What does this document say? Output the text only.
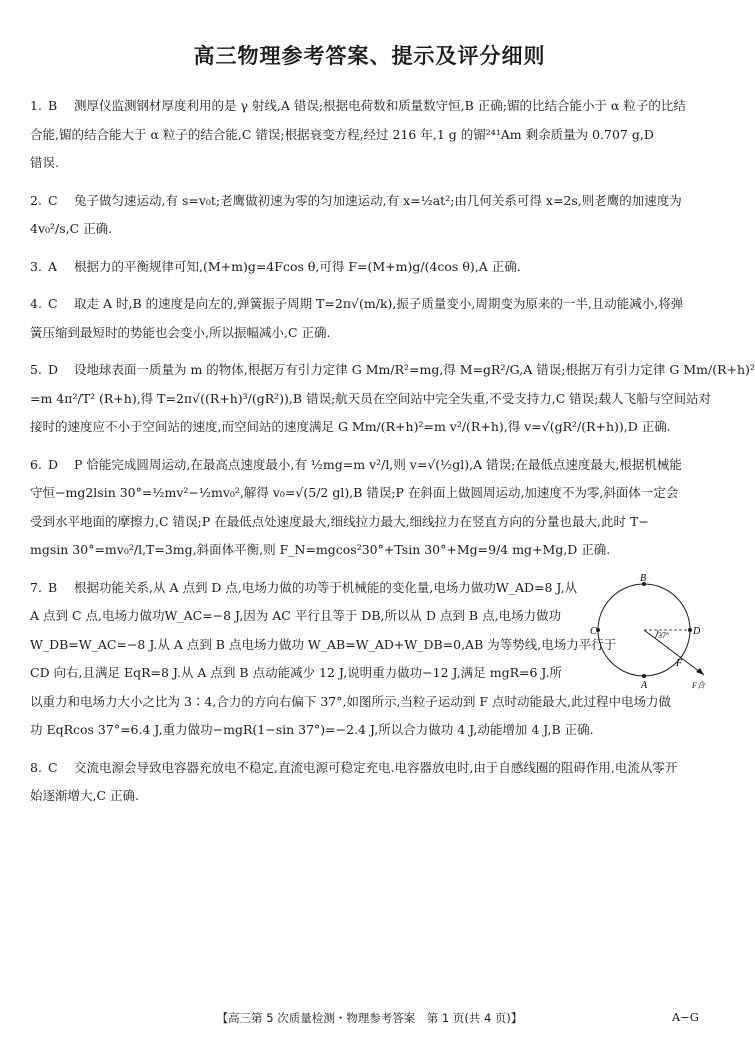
高三物理参考答案、提示及评分细则
1. B	测厚仪监测钢材厚度利用的是 γ 射线,A 错误;根据电荷数和质量数守恒,B 正确;镅的比结合能小于 α 粒子的比结
合能,镅的结合能大于 α 粒子的结合能,C 错误;根据衰变方程,经过 216 年,1 g 的镅²⁴¹Am 剩余质量为 0.707 g,D
错误.
2. C	兔子做匀速运动,有 s=v₀t;老鹰做初速为零的匀加速运动,有 x=½at²;由几何关系可得 x=2s,则老鹰的加速度为
4v₀²/s,C 正确.
3. A	根据力的平衡规律可知,(M+m)g=4Fcos θ,可得 F=(M+m)g/(4cos θ),A 正确.
4. C	取走 A 时,B 的速度是向左的,弹簧振子周期 T=2π√(m/k),振子质量变小,周期变为原来的一半,且动能减小,将弹
簧压缩到最短时的势能也会变小,所以振幅减小,C 正确.
5. D	设地球表面一质量为 m 的物体,根据万有引力定律 G Mm/R²=mg,得 M=gR²/G,A 错误;根据万有引力定律 G Mm/(R+h)²
=m 4π²/T² (R+h),得 T=2π√((R+h)³/(gR²)),B 错误;航天员在空间站中完全失重,不受支持力,C 错误;载人飞船与空间站对
接时的速度应不小于空间站的速度,而空间站的速度满足 G Mm/(R+h)²=m v²/(R+h),得 v=√(gR²/(R+h)),D 正确.
6. D	P 恰能完成圆周运动,在最高点速度最小,有 ½mg=m v²/l,则 v=√(½gl),A 错误;在最低点速度最大,根据机械能
守恒−mg2lsin 30°=½mv²−½mv₀²,解得 v₀=√(5/2 gl),B 错误;P 在斜面上做圆周运动,加速度不为零,斜面体一定会
受到水平地面的摩擦力,C 错误;P 在最低点处速度最大,细线拉力最大,细线拉力在竖直方向的分量也最大,此时 T−
mgsin 30°=mv₀²/l,T=3mg,斜面体平衡,则 F_N=mgcos²30°+Tsin 30°+Mg=9/4 mg+Mg,D 正确.
7. B	根据功能关系,从 A 点到 D 点,电场力做的功等于机械能的变化量,电场力做功W_AD=8 J,从
A 点到 C 点,电场力做功W_AC=−8 J,因为 AC 平行且等于 DB,所以从 D 点到 B 点,电场力做功
W_DB=W_AC=−8 J.从 A 点到 B 点电场力做功 W_AB=W_AD+W_DB=0,AB 为等势线,电场力平行于
CD 向右,且满足 EqR=8 J.从 A 点到 B 点动能减少 12 J,说明重力做功−12 J,满足 mgR=6 J.所
以重力和电场力大小之比为 3∶4,合力的方向右偏下 37°,如图所示,当粒子运动到 F 点时动能最大,此过程中电场力做
功 EqRcos 37°=6.4 J,重力做功−mgR(1−sin 37°)=−2.4 J,所以合力做功 4 J,动能增加 4 J,B 正确.
B
C	D
A
F
F合
37°
8. C	交流电源会导致电容器充放电不稳定,直流电源可稳定充电.电容器放电时,由于自感线圈的阻碍作用,电流从零开
始逐渐增大,C 正确.
【高三第 5 次质量检测・物理参考答案　第 1 页(共 4 页)】	A−G
